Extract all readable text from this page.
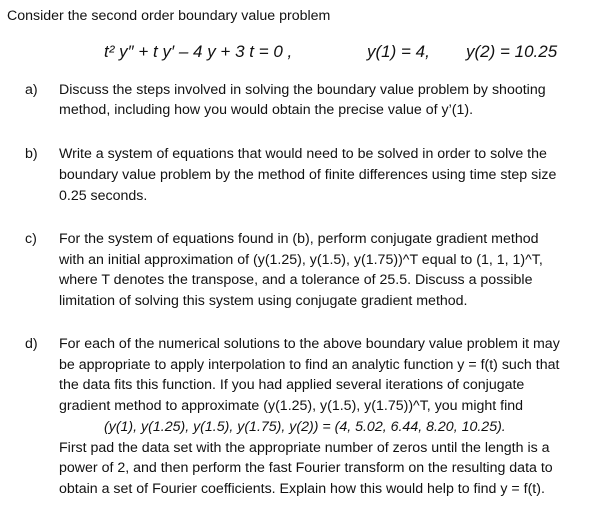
Consider the second order boundary value problem
t² y″ + t y′ – 4 y + 3 t = 0 ,	y(1) = 4, y(2) = 10.25
a) Discuss the steps involved in solving the boundary value problem by shooting
method, including how you would obtain the precise value of y’(1).
b) Write a system of equations that would need to be solved in order to solve the
boundary value problem by the method of finite differences using time step size
0.25 seconds.
c) For the system of equations found in (b), perform conjugate gradient method
with an initial approximation of (y(1.25), y(1.5), y(1.75))^T equal to (1, 1, 1)^T,
where T denotes the transpose, and a tolerance of 25.5. Discuss a possible
limitation of solving this system using conjugate gradient method.
d) For each of the numerical solutions to the above boundary value problem it may
be appropriate to apply interpolation to find an analytic function y = f(t) such that
the data fits this function. If you had applied several iterations of conjugate
gradient method to approximate (y(1.25), y(1.5), y(1.75))^T, you might find
(y(1), y(1.25), y(1.5), y(1.75), y(2)) = (4, 5.02, 6.44, 8.20, 10.25).
First pad the data set with the appropriate number of zeros until the length is a
power of 2, and then perform the fast Fourier transform on the resulting data to
obtain a set of Fourier coefficients. Explain how this would help to find y = f(t).
